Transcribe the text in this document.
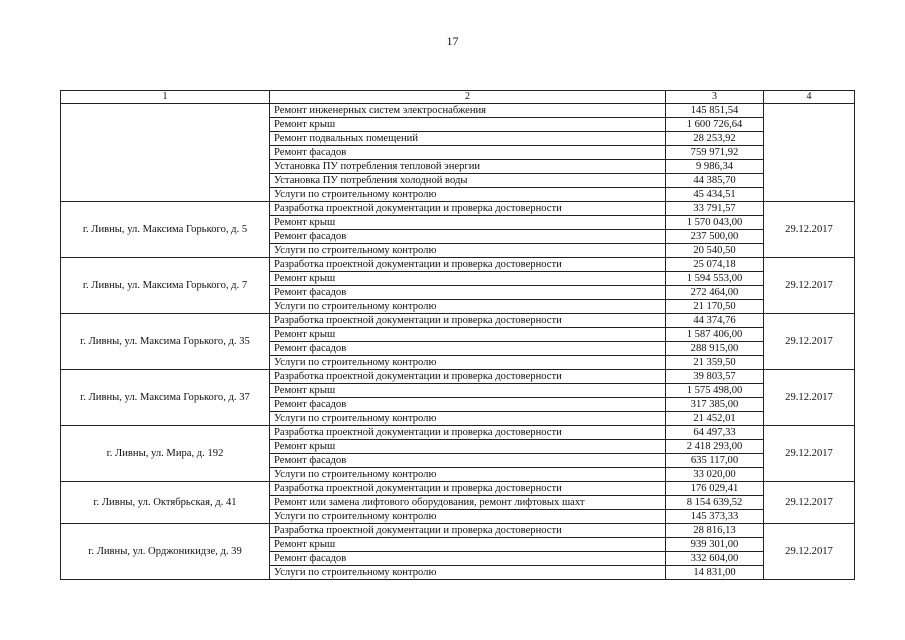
17
1	2	3	4
	Ремонт инженерных систем электроснабжения	145 851,54	
	Ремонт крыш	1 600 726,64	
	Ремонт подвальных помещений	28 253,92	
	Ремонт фасадов	759 971,92	
	Установка ПУ потребления тепловой энергии	9 986,34	
	Установка ПУ потребления холодной воды	44 385,70	
	Услуги по строительному контролю	45 434,51	
г. Ливны, ул. Максима Горького, д. 5	Разработка проектной документации и проверка достоверности	33 791,57	29.12.2017
	Ремонт крыш	1 570 043,00	
	Ремонт фасадов	237 500,00	
	Услуги по строительному контролю	20 540,50	
г. Ливны, ул. Максима Горького, д. 7	Разработка проектной документации и проверка достоверности	25 074,18	29.12.2017
	Ремонт крыш	1 594 553,00	
	Ремонт фасадов	272 464,00	
	Услуги по строительному контролю	21 170,50	
г. Ливны, ул. Максима Горького, д. 35	Разработка проектной документации и проверка достоверности	44 374,76	29.12.2017
	Ремонт крыш	1 587 406,00	
	Ремонт фасадов	288 915,00	
	Услуги по строительному контролю	21 359,50	
г. Ливны, ул. Максима Горького, д. 37	Разработка проектной документации и проверка достоверности	39 803,57	29.12.2017
	Ремонт крыш	1 575 498,00	
	Ремонт фасадов	317 385,00	
	Услуги по строительному контролю	21 452,01	
г. Ливны, ул. Мира, д. 192	Разработка проектной документации и проверка достоверности	64 497,33	29.12.2017
	Ремонт крыш	2 418 293,00	
	Ремонт фасадов	635 117,00	
	Услуги по строительному контролю	33 020,00	
г. Ливны, ул. Октябрьская, д. 41	Разработка проектной документации и проверка достоверности	176 029,41	29.12.2017
	Ремонт или замена лифтового оборудования, ремонт лифтовых шахт	8 154 639,52	
	Услуги по строительному контролю	145 373,33	
г. Ливны, ул. Орджоникидзе, д. 39	Разработка проектной документации и проверка достоверности	28 816,13	29.12.2017
	Ремонт крыш	939 301,00	
	Ремонт фасадов	332 604,00	
	Услуги по строительному контролю	14 831,00	
